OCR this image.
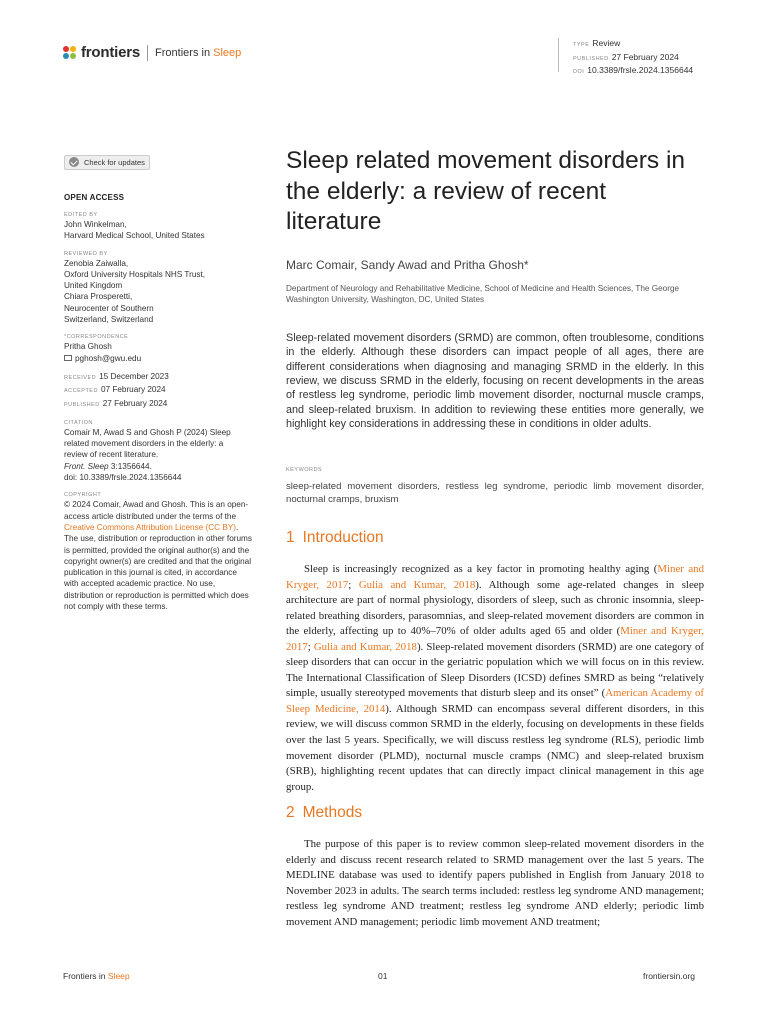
frontiers Frontiers in Sleep
TYPE Review
PUBLISHED 27 February 2024
DOI 10.3389/frsle.2024.1356644
Check for updates
OPEN ACCESS
EDITED BY
John Winkelman,
Harvard Medical School, United States
REVIEWED BY
Zenobia Zaiwalla,
Oxford University Hospitals NHS Trust,
United Kingdom
Chiara Prosperetti,
Neurocenter of Southern
Switzerland, Switzerland
*CORRESPONDENCE
Pritha Ghosh
pghosh@gwu.edu
RECEIVED 15 December 2023
ACCEPTED 07 February 2024
PUBLISHED 27 February 2024
CITATION
Comair M, Awad S and Ghosh P (2024) Sleep
related movement disorders in the elderly: a
review of recent literature.
Front. Sleep 3:1356644.
doi: 10.3389/frsle.2024.1356644
COPYRIGHT
© 2024 Comair, Awad and Ghosh. This is an open-access article distributed under the terms of the Creative Commons Attribution License (CC BY). The use, distribution or reproduction in other forums is permitted, provided the original author(s) and the copyright owner(s) are credited and that the original publication in this journal is cited, in accordance with accepted academic practice. No use, distribution or reproduction is permitted which does not comply with these terms.
Sleep related movement disorders in the elderly: a review of recent literature
Marc Comair, Sandy Awad and Pritha Ghosh*
Department of Neurology and Rehabilitative Medicine, School of Medicine and Health Sciences, The George Washington University, Washington, DC, United States
Sleep-related movement disorders (SRMD) are common, often troublesome, conditions in the elderly. Although these disorders can impact people of all ages, there are different considerations when diagnosing and managing SRMD in the elderly. In this review, we discuss SRMD in the elderly, focusing on recent developments in the areas of restless leg syndrome, periodic limb movement disorder, nocturnal muscle cramps, and sleep-related bruxism. In addition to reviewing these entities more generally, we highlight key considerations in addressing these in conditions in older adults.
KEYWORDS
sleep-related movement disorders, restless leg syndrome, periodic limb movement disorder, nocturnal cramps, bruxism
1 Introduction

Sleep is increasingly recognized as a key factor in promoting healthy aging (Miner and Kryger, 2017; Gulia and Kumar, 2018). Although some age-related changes in sleep architecture are part of normal physiology, disorders of sleep, such as chronic insomnia, sleep-related breathing disorders, parasomnias, and sleep-related movement disorders are common in the elderly, affecting up to 40%–70% of older adults aged 65 and older (Miner and Kryger, 2017; Gulia and Kumar, 2018). Sleep-related movement disorders (SRMD) are one category of sleep disorders that can occur in the geriatric population which we will focus on in this review. The International Classification of Sleep Disorders (ICSD) defines SMRD as being “relatively simple, usually stereotyped movements that disturb sleep and its onset” (American Academy of Sleep Medicine, 2014). Although SRMD can encompass several different disorders, in this review, we will discuss common SRMD in the elderly, focusing on developments in these fields over the last 5 years. Specifically, we will discuss restless leg syndrome (RLS), periodic limb movement disorder (PLMD), nocturnal muscle cramps (NMC) and sleep-related bruxism (SRB), highlighting recent updates that can directly impact clinical management in this age group.

2 Methods

The purpose of this paper is to review common sleep-related movement disorders in the elderly and discuss recent research related to SRMD management over the last 5 years. The MEDLINE database was used to identify papers published in English from January 2018 to November 2023 in adults. The search terms included: restless leg syndrome AND management; restless leg syndrome AND treatment; restless leg syndrome AND elderly; periodic limb movement AND management; periodic limb movement AND treatment;

Frontiers in Sleep	01	frontiersin.org
